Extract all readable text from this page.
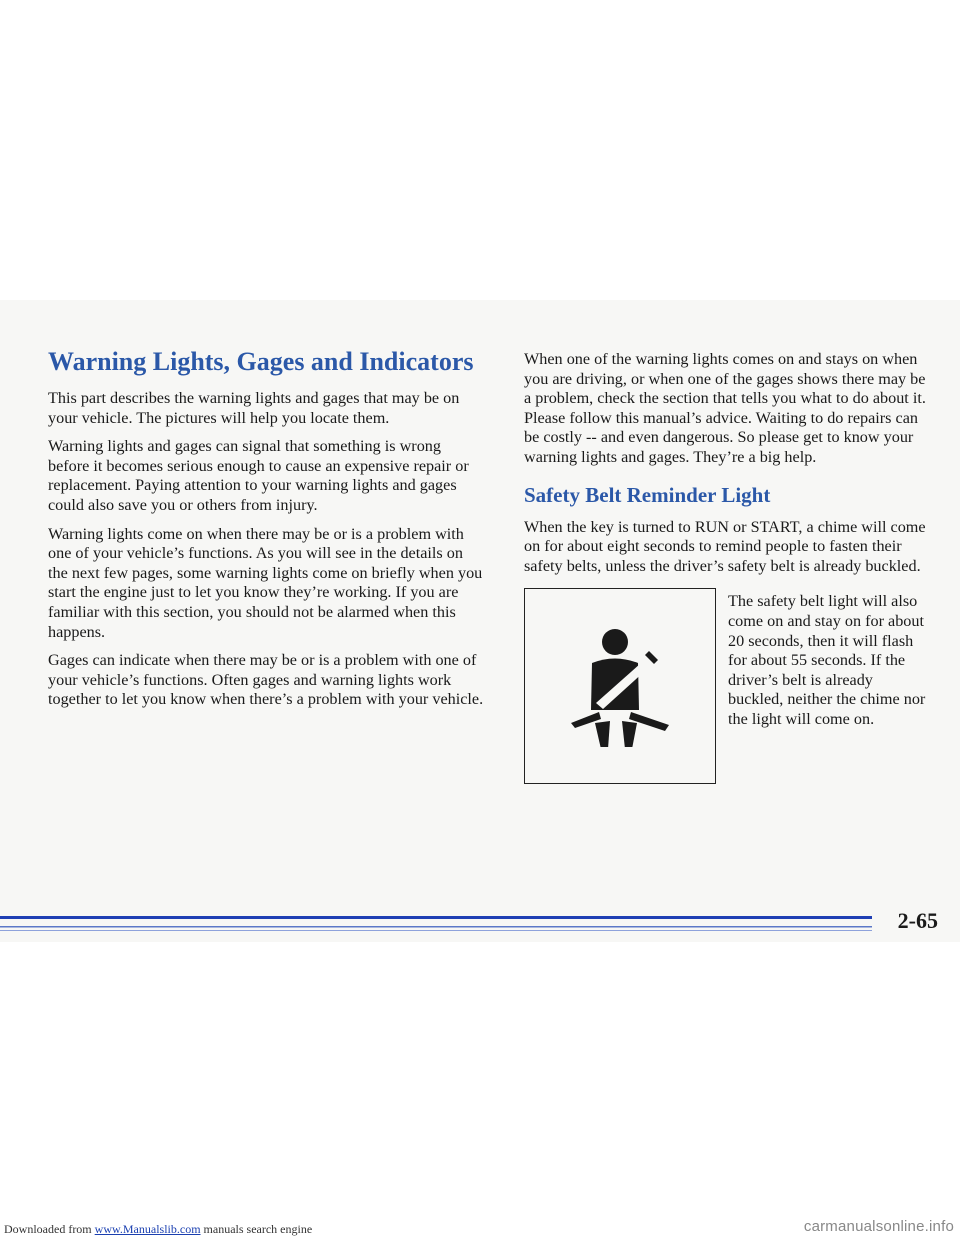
Warning Lights, Gages and Indicators

This part describes the warning lights and gages that may be on your vehicle. The pictures will help you locate them.

Warning lights and gages can signal that something is wrong before it becomes serious enough to cause an expensive repair or replacement. Paying attention to your warning lights and gages could also save you or others from injury.

Warning lights come on when there may be or is a problem with one of your vehicle’s functions. As you will see in the details on the next few pages, some warning lights come on briefly when you start the engine just to let you know they’re working. If you are familiar with this section, you should not be alarmed when this happens.

Gages can indicate when there may be or is a problem with one of your vehicle’s functions. Often gages and warning lights work together to let you know when there’s a problem with your vehicle.

When one of the warning lights comes on and stays on when you are driving, or when one of the gages shows there may be a problem, check the section that tells you what to do about it. Please follow this manual’s advice. Waiting to do repairs can be costly -- and even dangerous. So please get to know your warning lights and gages. They’re a big help.

Safety Belt Reminder Light

When the key is turned to RUN or START, a chime will come on for about eight seconds to remind people to fasten their safety belts, unless the driver’s safety belt is already buckled.

The safety belt light will also come on and stay on for about 20 seconds, then it will flash for about 55 seconds. If the driver’s belt is already buckled, neither the chime nor the light will come on.

2-65
Downloaded from www.Manualslib.com manuals search engine	carmanualsonline.info
